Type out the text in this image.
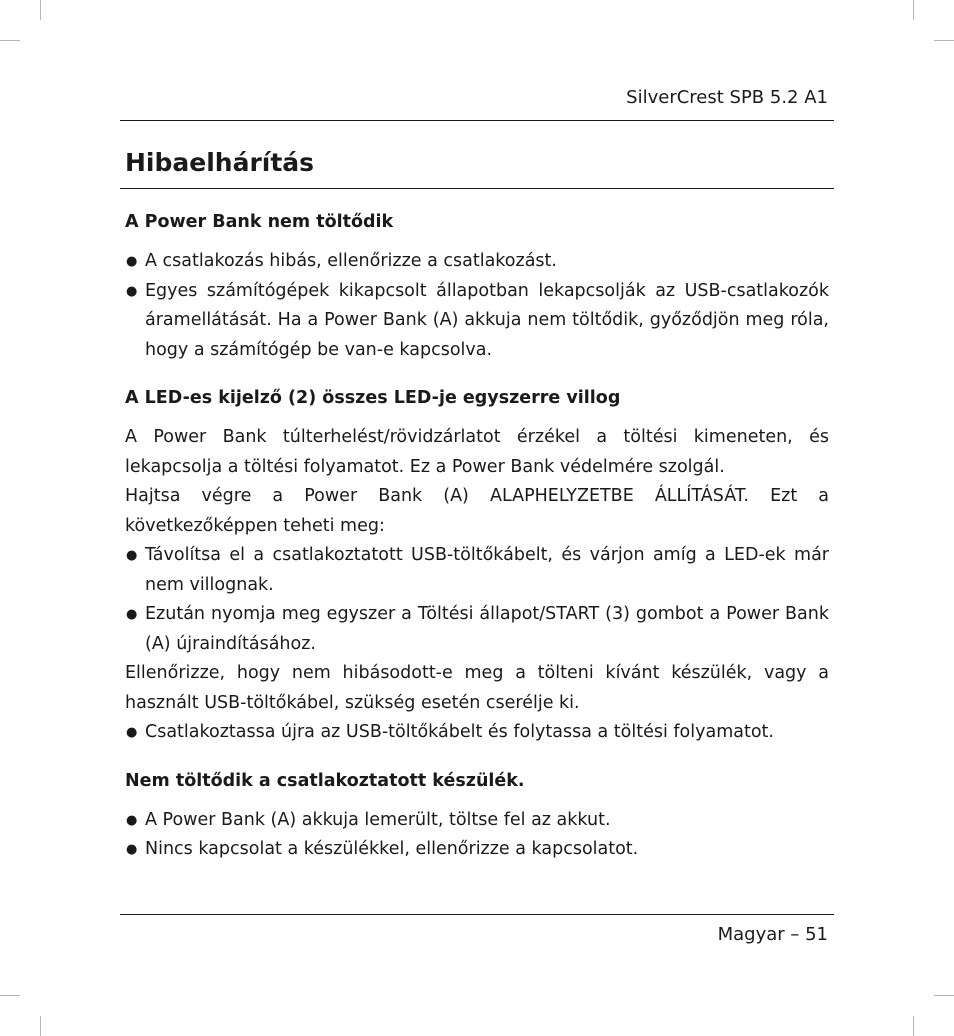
SilverCrest SPB 5.2 A1
Hibaelhárítás
A Power Bank nem töltődik
● A csatlakozás hibás, ellenőrizze a csatlakozást.
● Egyes számítógépek kikapcsolt állapotban lekapcsolják az USB-csatlakozók áramellátását. Ha a Power Bank (A) akkuja nem töltődik, győződjön meg róla, hogy a számítógép be van-e kapcsolva.
A LED-es kijelző (2) összes LED-je egyszerre villog

A Power Bank túlterhelést/rövidzárlatot érzékel a töltési kimeneten, és lekapcsolja a töltési folyamatot. Ez a Power Bank védelmére szolgál.

Hajtsa végre a Power Bank (A) ALAPHELYZETBE ÁLLÍTÁSÁT. Ezt a következőképpen teheti meg:

● Távolítsa el a csatlakoztatott USB-töltőkábelt, és várjon amíg a LED-ek már nem villognak.
● Ezután nyomja meg egyszer a Töltési állapot/START (3) gombot a Power Bank (A) újraindításához.

Ellenőrizze, hogy nem hibásodott-e meg a tölteni kívánt készülék, vagy a használt USB-töltőkábel, szükség esetén cserélje ki.

● Csatlakoztassa újra az USB-töltőkábelt és folytassa a töltési folyamatot.
Nem töltődik a csatlakoztatott készülék.
● A Power Bank (A) akkuja lemerült, töltse fel az akkut.
● Nincs kapcsolat a készülékkel, ellenőrizze a kapcsolatot.
Magyar – 51
